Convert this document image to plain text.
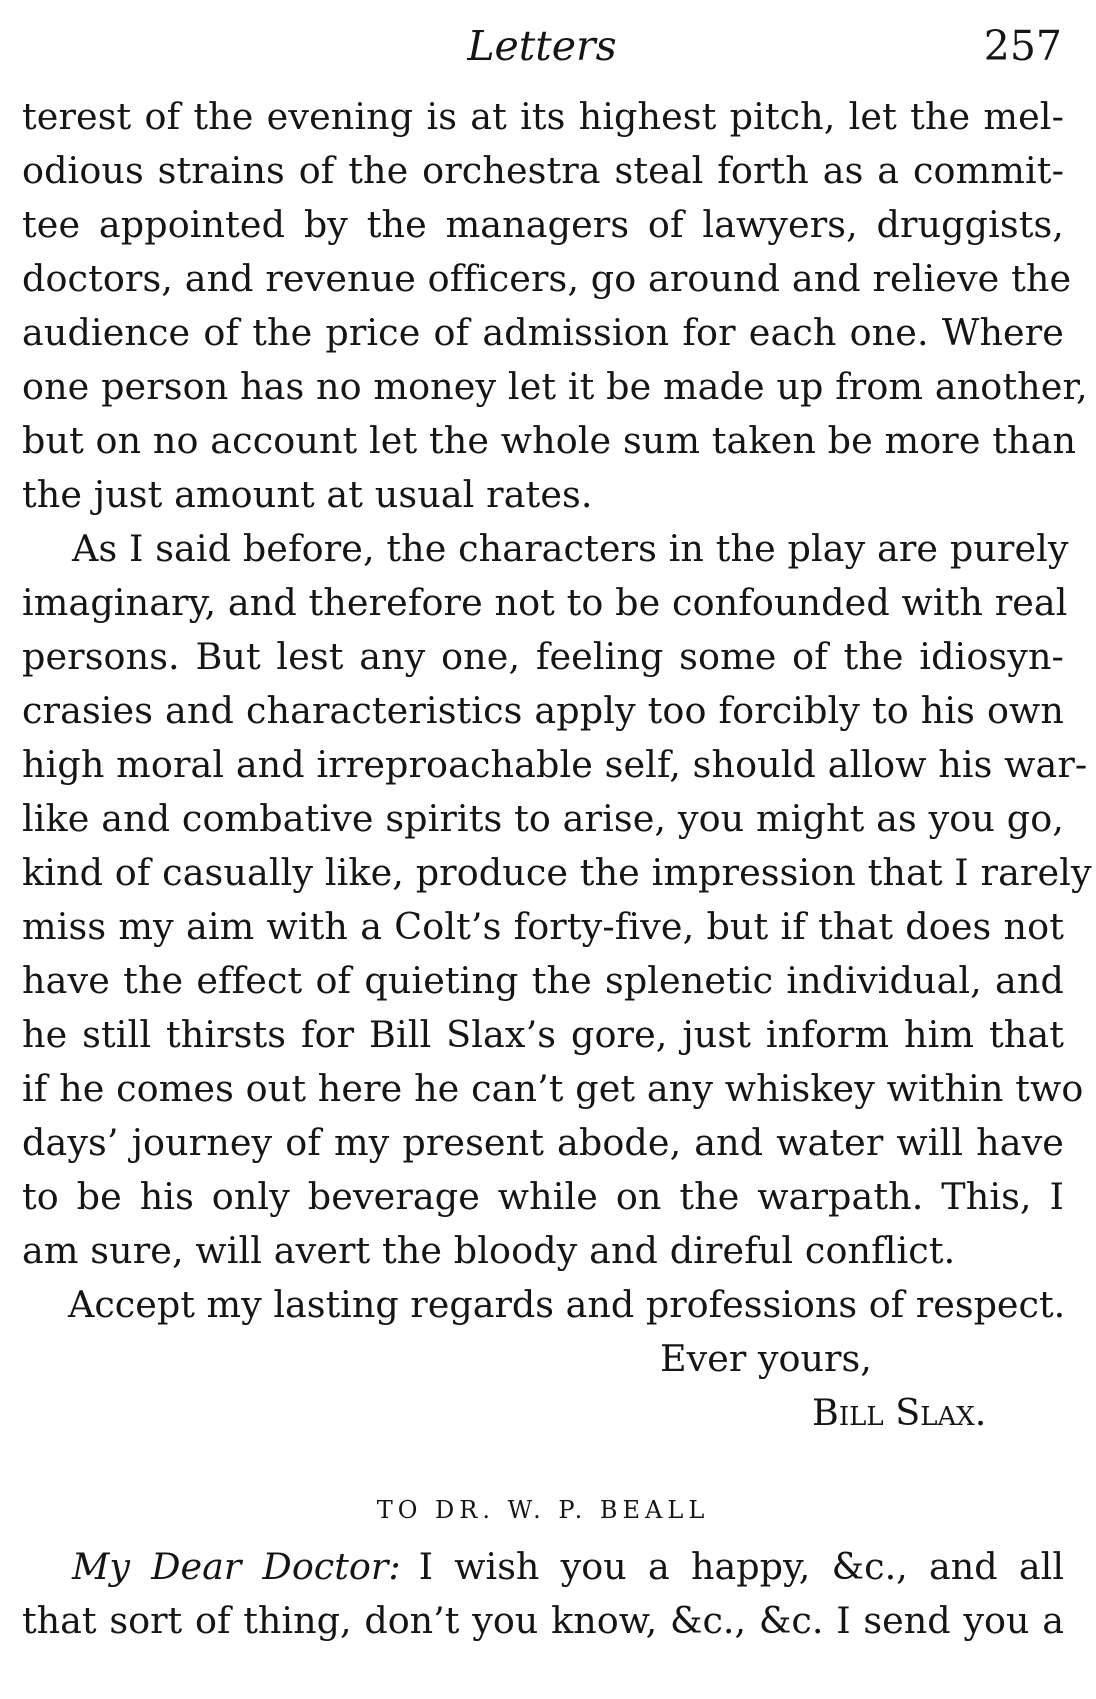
Letters	257
terest of the evening is at its highest pitch, let the mel-
odious strains of the orchestra steal forth as a commit-
tee appointed by the managers of lawyers, druggists,
doctors, and revenue officers, go around and relieve the
audience of the price of admission for each one. Where
one person has no money let it be made up from another,
but on no account let the whole sum taken be more than
the just amount at usual rates.
As I said before, the characters in the play are purely
imaginary, and therefore not to be confounded with real
persons. But lest any one, feeling some of the idiosyn-
crasies and characteristics apply too forcibly to his own
high moral and irreproachable self, should allow his war-
like and combative spirits to arise, you might as you go,
kind of casually like, produce the impression that I rarely
miss my aim with a Colt’s forty-five, but if that does not
have the effect of quieting the splenetic individual, and
he still thirsts for Bill Slax’s gore, just inform him that
if he comes out here he can’t get any whiskey within two
days’ journey of my present abode, and water will have
to be his only beverage while on the warpath. This, I
am sure, will avert the bloody and direful conflict.
Accept my lasting regards and professions of respect.
Ever yours,
Bill Slax.
TO DR. W. P. BEALL
My Dear Doctor: I wish you a happy, &c., and all
that sort of thing, don’t you know, &c., &c. I send you a
